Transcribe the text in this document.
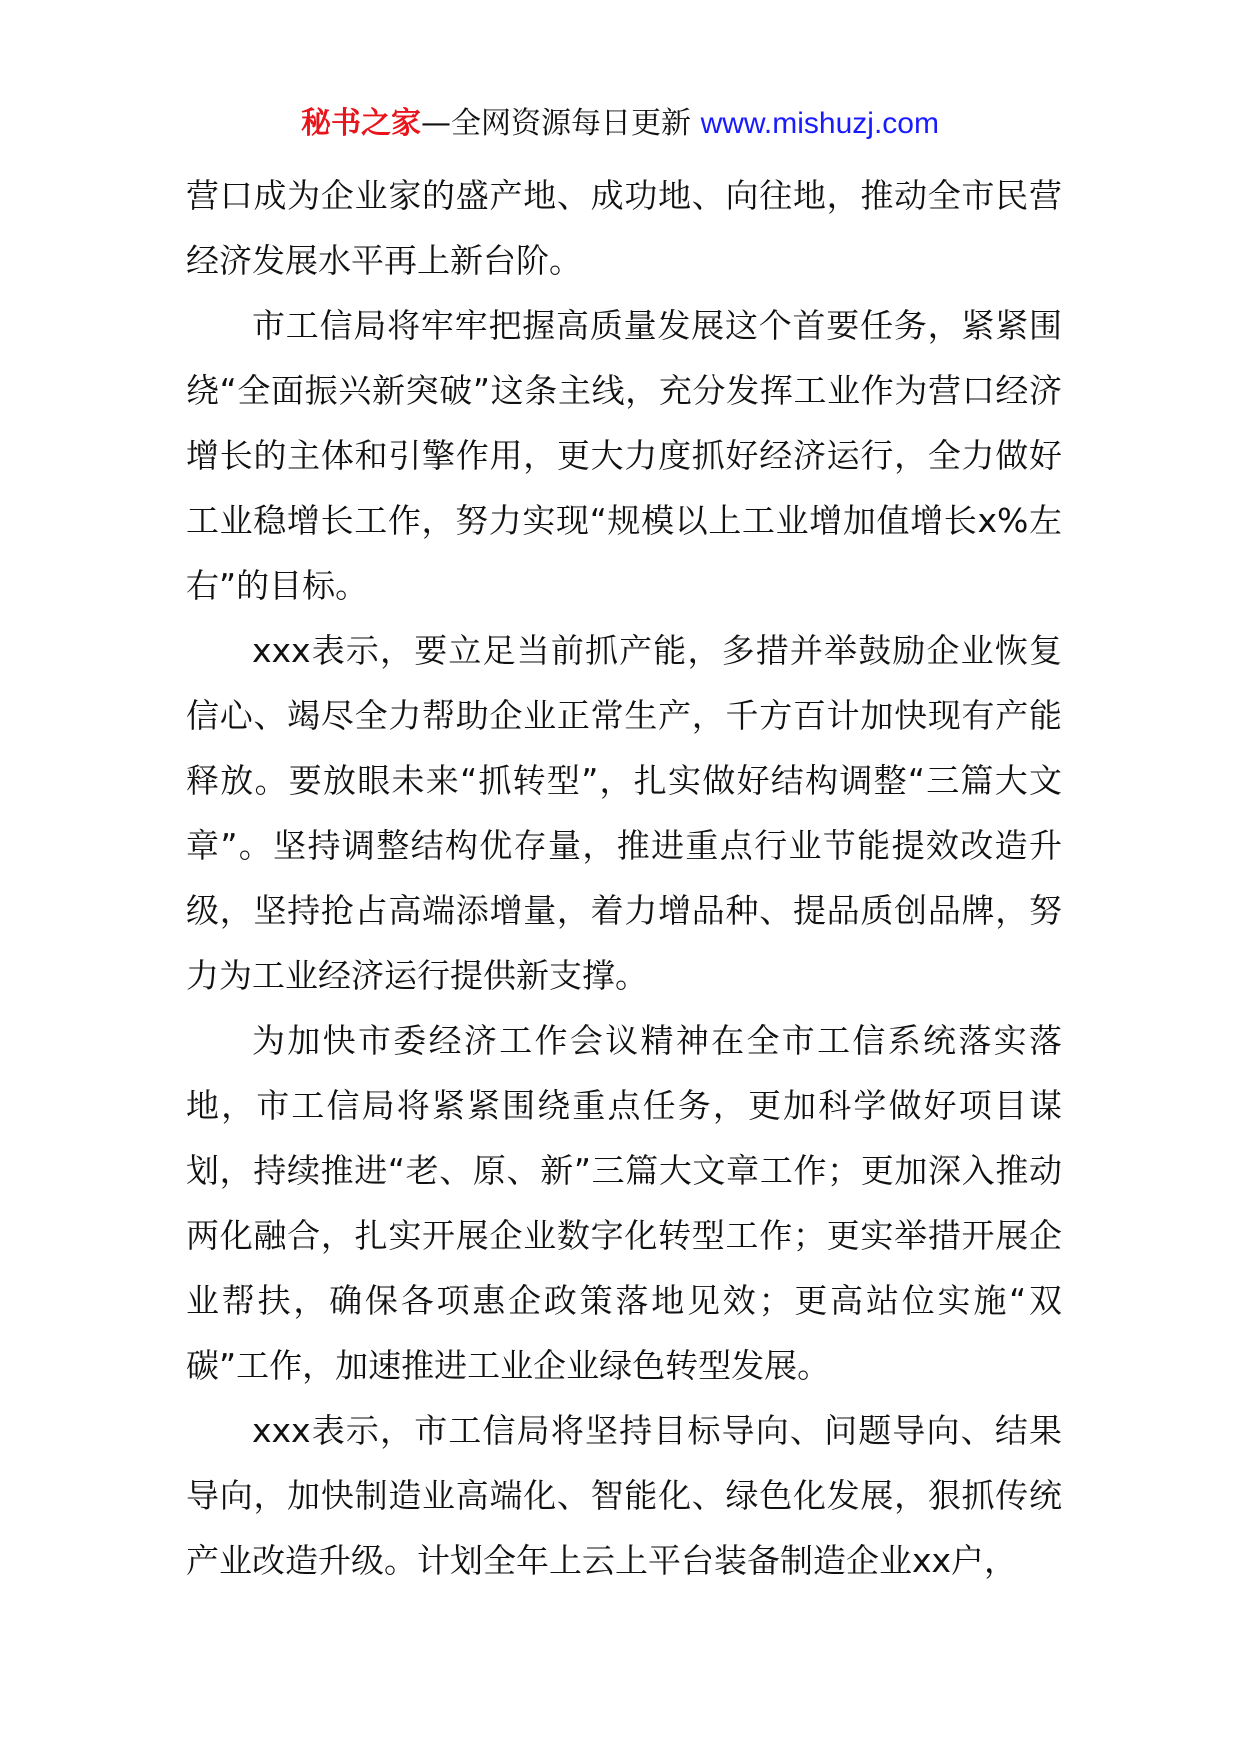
秘书之家—全网资源每日更新 www.mishuzj.com

营口成为企业家的盛产地、成功地、向往地，推动全市民营经济发展水平再上新台阶。

市工信局将牢牢把握高质量发展这个首要任务，紧紧围绕“全面振兴新突破”这条主线，充分发挥工业作为营口经济增长的主体和引擎作用，更大力度抓好经济运行，全力做好工业稳增长工作，努力实现“规模以上工业增加值增长x%左右”的目标。

xxx表示，要立足当前抓产能，多措并举鼓励企业恢复信心、竭尽全力帮助企业正常生产，千方百计加快现有产能释放。要放眼未来“抓转型”，扎实做好结构调整“三篇大文章”。坚持调整结构优存量，推进重点行业节能提效改造升级，坚持抢占高端添增量，着力增品种、提品质创品牌，努力为工业经济运行提供新支撑。

为加快市委经济工作会议精神在全市工信系统落实落地，市工信局将紧紧围绕重点任务，更加科学做好项目谋划，持续推进“老、原、新”三篇大文章工作；更加深入推动两化融合，扎实开展企业数字化转型工作；更实举措开展企业帮扶，确保各项惠企政策落地见效；更高站位实施“双碳”工作，加速推进工业企业绿色转型发展。

xxx表示，市工信局将坚持目标导向、问题导向、结果导向，加快制造业高端化、智能化、绿色化发展，狠抓传统产业改造升级。计划全年上云上平台装备制造企业xx户，
